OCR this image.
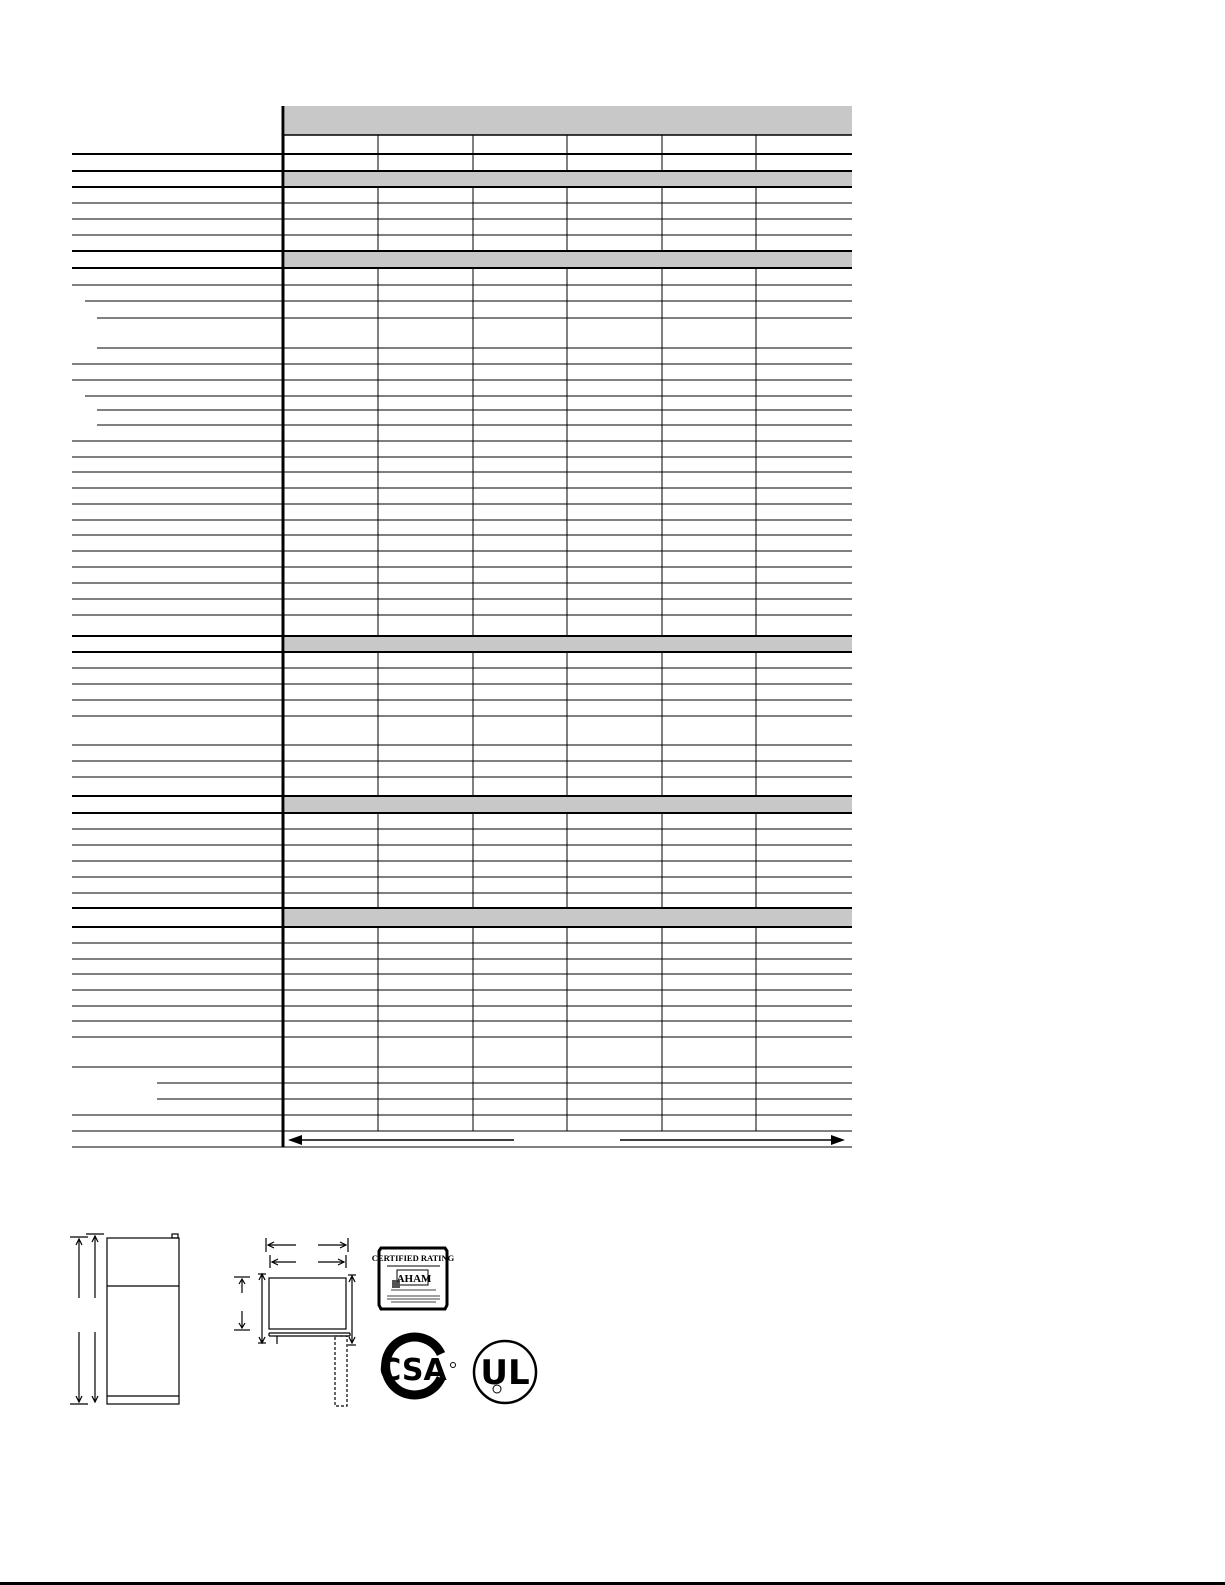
CERTIFIED RATING
AHAM
CSA UL
